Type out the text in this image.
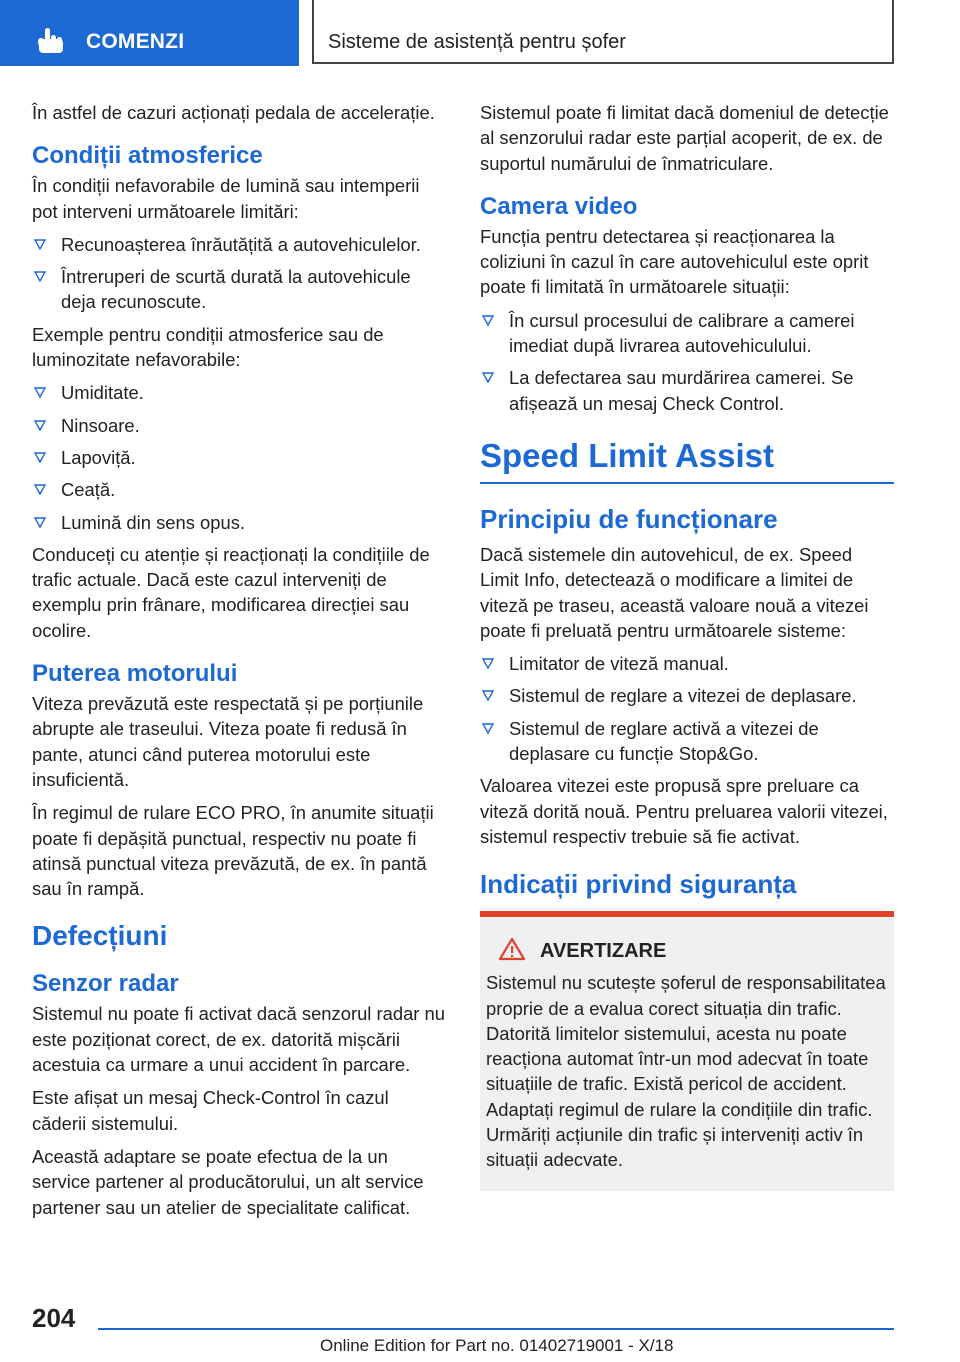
COMENZI	Sisteme de asistență pentru șofer

În astfel de cazuri acționați pedala de accelerație.

Condiții atmosferice

În condiții nefavorabile de lumină sau intemperii pot interveni următoarele limitări:

Recunoașterea înrăutățită a autovehiculelor.
Întreruperi de scurtă durată la autovehicule deja recunoscute.

Exemple pentru condiții atmosferice sau de luminozitate nefavorabile:

Umiditate.
Ninsoare.
Lapoviță.
Ceață.
Lumină din sens opus.

Conduceți cu atenție și reacționați la condițiile de trafic actuale. Dacă este cazul interveniți de exemplu prin frânare, modificarea direcției sau ocolire.

Puterea motorului

Viteza prevăzută este respectată și pe porțiunile abrupte ale traseului. Viteza poate fi redusă în pante, atunci când puterea motorului este insuficientă.

În regimul de rulare ECO PRO, în anumite situații poate fi depășită punctual, respectiv nu poate fi atinsă punctual viteza prevăzută, de ex. în pantă sau în rampă.

Defecțiuni
Senzor radar

Sistemul nu poate fi activat dacă senzorul radar nu este poziționat corect, de ex. datorită mișcării acestuia ca urmare a unui accident în parcare.

Este afișat un mesaj Check-Control în cazul căderii sistemului.

Această adaptare se poate efectua de la un service partener al producătorului, un alt service partener sau un atelier de specialitate calificat.

Sistemul poate fi limitat dacă domeniul de detecție al senzorului radar este parțial acoperit, de ex. de suportul numărului de înmatriculare.

Camera video

Funcția pentru detectarea și reacționarea la coliziuni în cazul în care autovehiculul este oprit poate fi limitată în următoarele situații:

În cursul procesului de calibrare a camerei imediat după livrarea autovehiculului.
La defectarea sau murdărirea camerei. Se afișează un mesaj Check Control.
Speed Limit Assist
Principiu de funcționare

Dacă sistemele din autovehicul, de ex. Speed Limit Info, detectează o modificare a limitei de viteză pe traseu, această valoare nouă a vitezei poate fi preluată pentru următoarele sisteme:

Limitator de viteză manual.
Sistemul de reglare a vitezei de deplasare.
Sistemul de reglare activă a vitezei de deplasare cu funcție Stop&Go.

Valoarea vitezei este propusă spre preluare ca viteză dorită nouă. Pentru preluarea valorii vitezei, sistemul respectiv trebuie să fie activat.

Indicații privind siguranța
AVERTIZARE

Sistemul nu scutește șoferul de responsabilitatea proprie de a evalua corect situația din trafic. Datorită limitelor sistemului, acesta nu poate reacționa automat într-un mod adecvat în toate situațiile de trafic. Există pericol de accident. Adaptați regimul de rulare la condițiile din trafic. Urmăriți acțiunile din trafic și interveniți activ în situații adecvate.

204
Online Edition for Part no. 01402719001 - X/18
